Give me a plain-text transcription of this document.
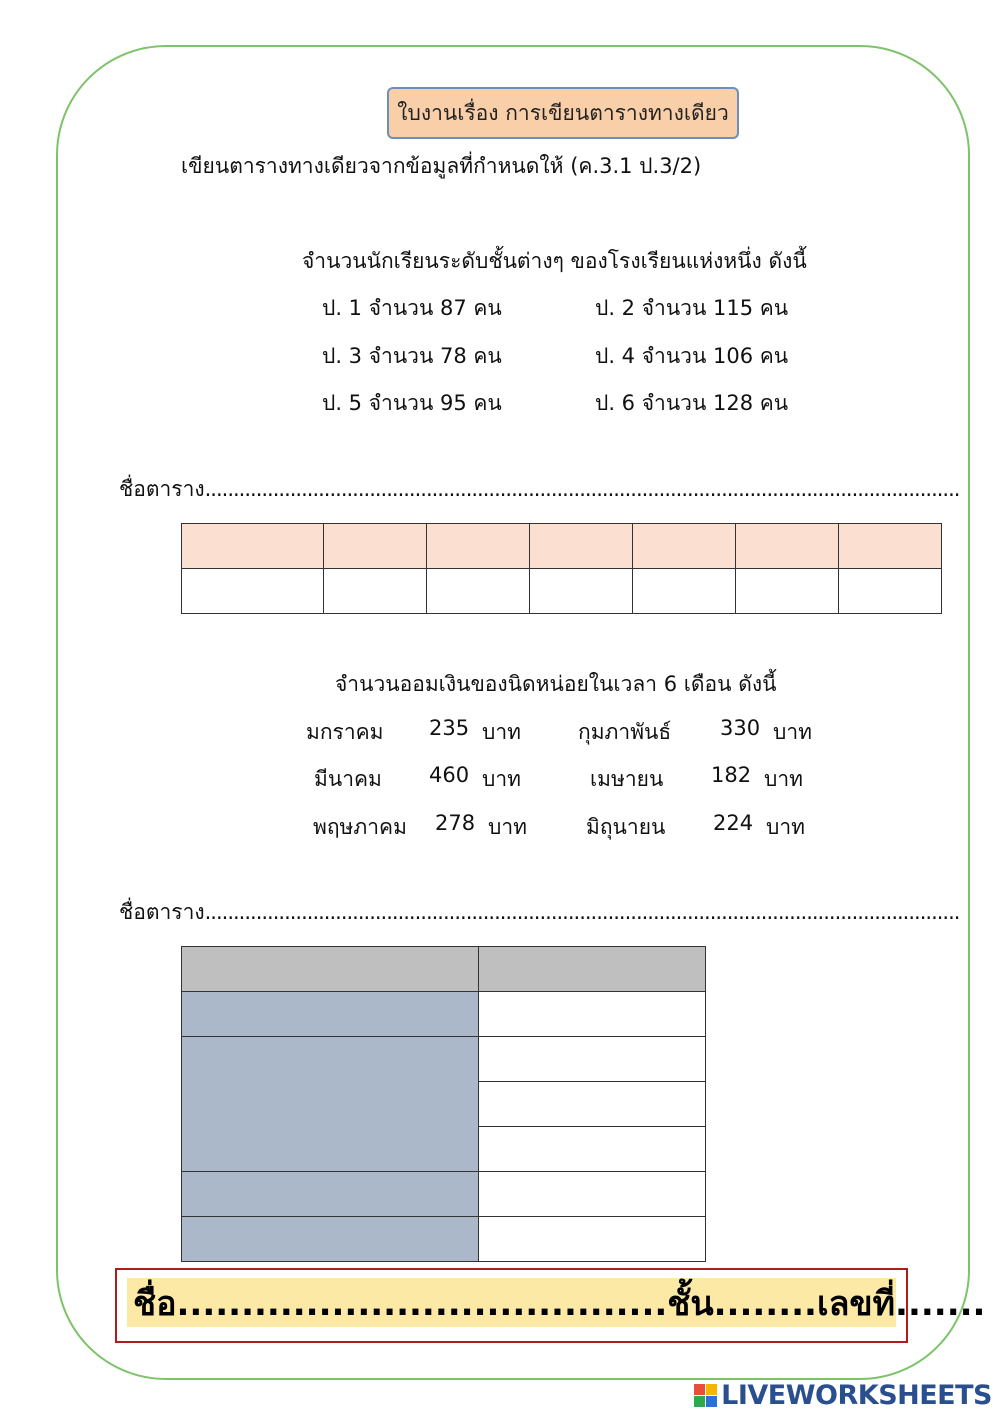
ใบงานเรื่อง การเขียนตารางทางเดียว
เขียนตารางทางเดียวจากข้อมูลที่กำหนดให้ (ค.3.1 ป.3/2)
จำนวนนักเรียนระดับชั้นต่างๆ ของโรงเรียนแห่งหนึ่ง ดังนี้
ป. 1 จำนวน 87 คน	ป. 2 จำนวน 115 คน
ป. 3 จำนวน 78 คน	ป. 4 จำนวน 106 คน
ป. 5 จำนวน 95 คน	ป. 6 จำนวน 128 คน
ชื่อตาราง.....................................................................................................................................

จำนวนออมเงินของนิดหน่อยในเวลา 6 เดือน ดังนี้
มกราคม 235 บาท	กุมภาพันธ์ 330 บาท
มีนาคม 460 บาท	เมษายน 182 บาท
พฤษภาคม 278 บาท	มิถุนายน 224 บาท
ชื่อตาราง.....................................................................................................................................

ชื่อ......................................ชั้น........เลขที่.......
LIVEWORKSHEETS
